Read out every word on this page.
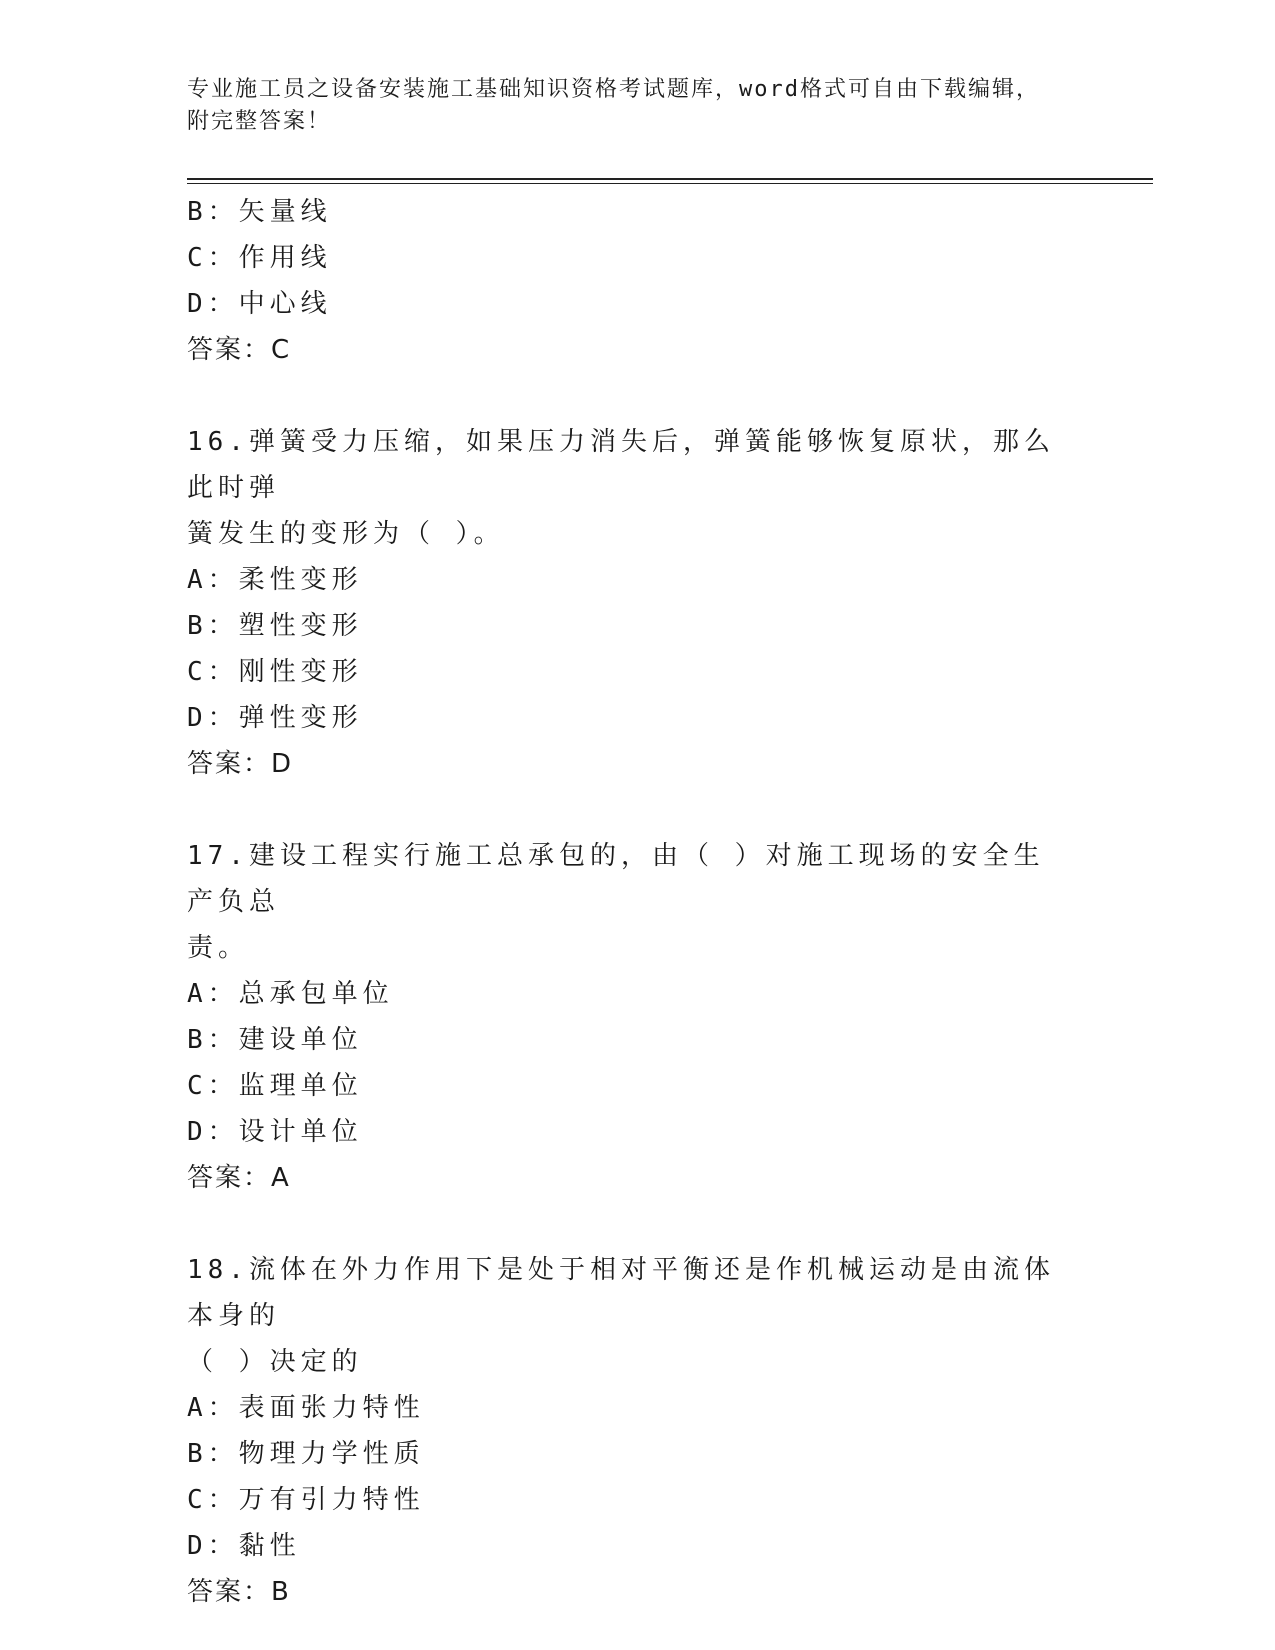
专业施工员之设备安装施工基础知识资格考试题库，word格式可自由下载编辑，
附完整答案！
B：矢量线
C：作用线
D：中心线
答案：C
16.弹簧受力压缩，如果压力消失后，弹簧能够恢复原状，那么此时弹
簧发生的变形为（ ）。
A：柔性变形
B：塑性变形
C：刚性变形
D：弹性变形
答案：D
17.建设工程实行施工总承包的，由（ ）对施工现场的安全生产负总
责。
A：总承包单位
B：建设单位
C：监理单位
D：设计单位
答案：A
18.流体在外力作用下是处于相对平衡还是作机械运动是由流体本身的
（ ）决定的
A：表面张力特性
B：物理力学性质
C：万有引力特性
D：黏性
答案：B
